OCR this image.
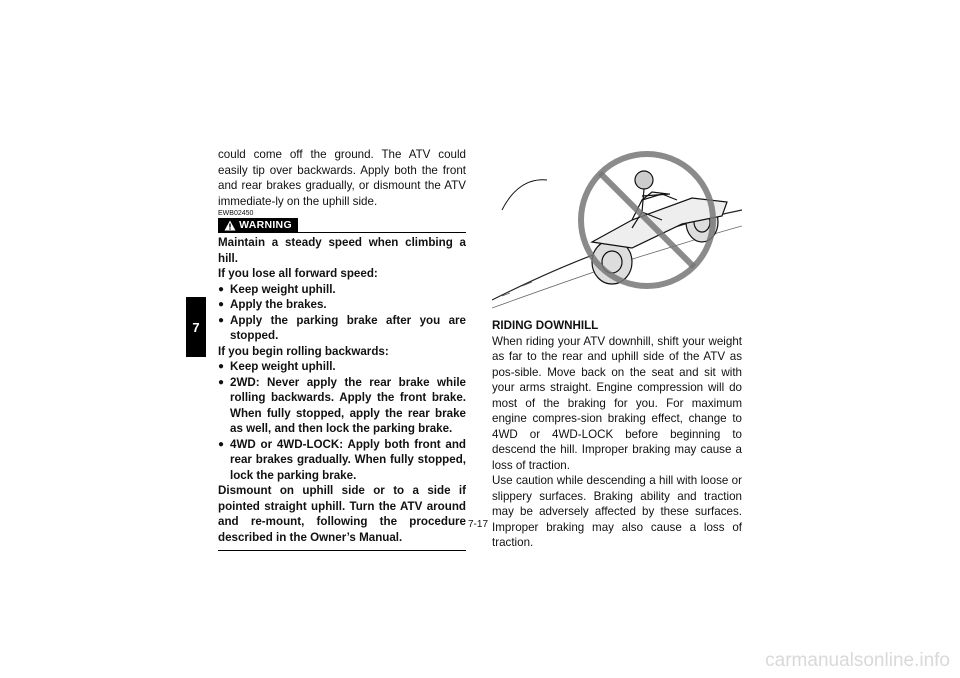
7

could come off the ground. The ATV could easily tip over backwards. Apply both the front and rear brakes gradually, or dismount the ATV immediate-ly on the uphill side.

EWB02450
WARNING
Maintain a steady speed when climbing a hill.
If you lose all forward speed:
● Keep weight uphill.
● Apply the brakes.
● Apply the parking brake after you are stopped.
If you begin rolling backwards:
● Keep weight uphill.
● 2WD: Never apply the rear brake while rolling backwards. Apply the front brake. When fully stopped, apply the rear brake as well, and then lock the parking brake.
● 4WD or 4WD-LOCK: Apply both front and rear brakes gradually. When fully stopped, lock the parking brake.
Dismount on uphill side or to a side if pointed straight uphill. Turn the ATV around and re-mount, following the procedure described in the Owner’s Manual.
RIDING DOWNHILL

When riding your ATV downhill, shift your weight as far to the rear and uphill side of the ATV as pos-sible. Move back on the seat and sit with your arms straight. Engine compression will do most of the braking for you. For maximum engine compres-sion braking effect, change to 4WD or 4WD-LOCK before beginning to descend the hill. Improper braking may cause a loss of traction.

Use caution while descending a hill with loose or slippery surfaces. Braking ability and traction may be adversely affected by these surfaces. Improper braking may also cause a loss of traction.

7-17
carmanualsonline.info
